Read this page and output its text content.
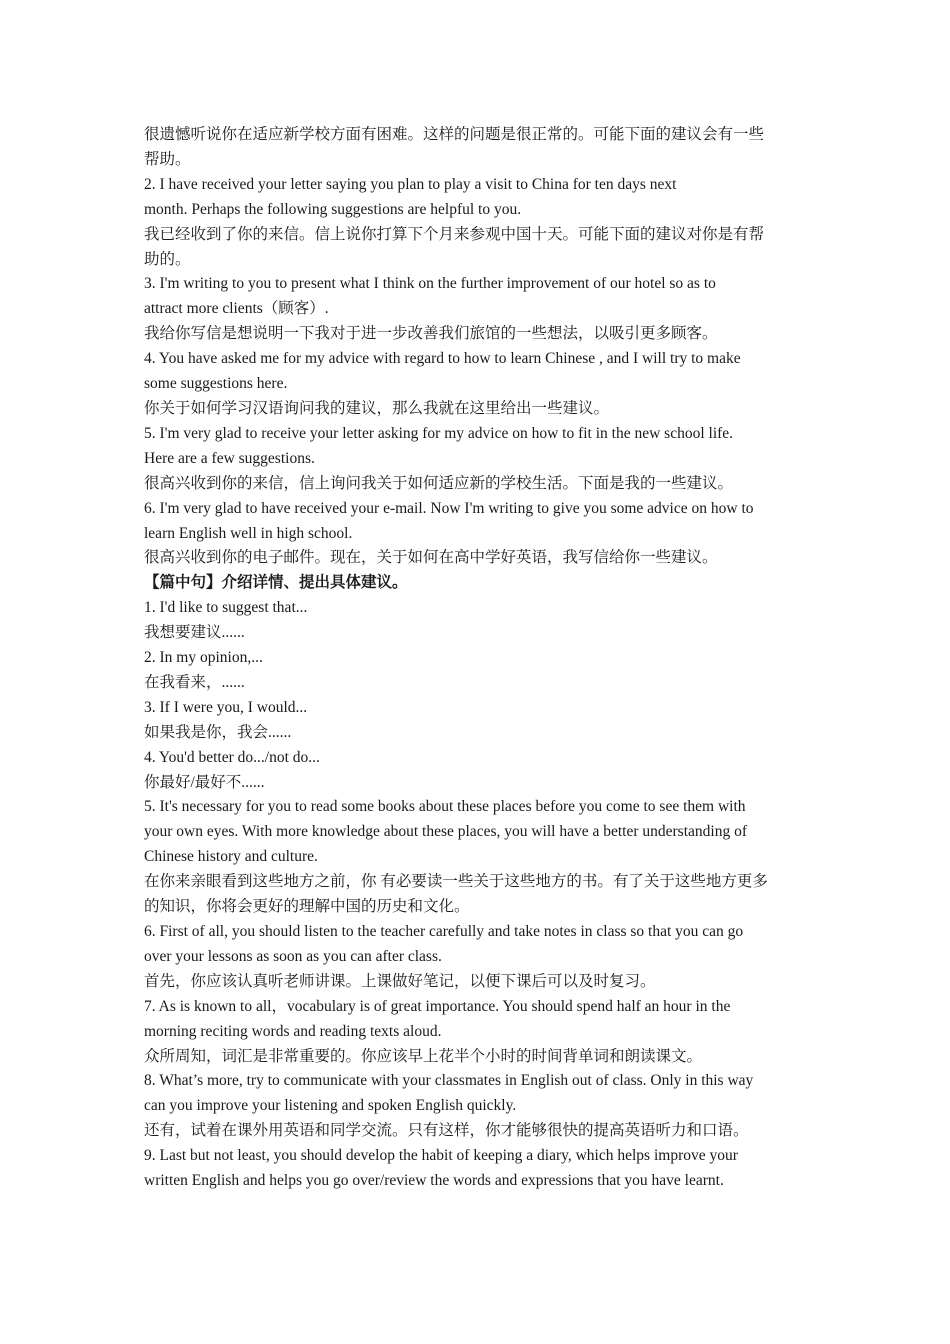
很遗憾听说你在适应新学校方面有困难。这样的问题是很正常的。可能下面的建议会有一些
帮助。
2. I have received your letter saying you plan to play a visit to China for ten days next
month. Perhaps the following suggestions are helpful to you.
我已经收到了你的来信。信上说你打算下个月来参观中国十天。可能下面的建议对你是有帮
助的。
3. I'm writing to you to present what I think on the further improvement of our hotel so as to
attract more clients（顾客）.
我给你写信是想说明一下我对于进一步改善我们旅馆的一些想法，以吸引更多顾客。
4. You have asked me for my advice with regard to how to learn Chinese , and I will try to make
some suggestions here.
你关于如何学习汉语询问我的建议，那么我就在这里给出一些建议。
5. I'm very glad to receive your letter asking for my advice on how to fit in the new school life.
Here are a few suggestions.
很高兴收到你的来信，信上询问我关于如何适应新的学校生活。下面是我的一些建议。
6. I'm very glad to have received your e-mail. Now I'm writing to give you some advice on how to
learn English well in high school.
很高兴收到你的电子邮件。现在，关于如何在高中学好英语，我写信给你一些建议。
【篇中句】介绍详情、提出具体建议。
1. I'd like to suggest that...
我想要建议......
2. In my opinion,...
在我看来，......
3. If I were you, I would...
如果我是你，我会......
4. You'd better do.../not do...
你最好/最好不......
5. It's necessary for you to read some books about these places before you come to see them with
your own eyes. With more knowledge about these places, you will have a better understanding of
Chinese history and culture.
在你来亲眼看到这些地方之前，你 有必要读一些关于这些地方的书。有了关于这些地方更多
的知识，你将会更好的理解中国的历史和文化。
6. First of all, you should listen to the teacher carefully and take notes in class so that you can go
over your lessons as soon as you can after class.
首先，你应该认真听老师讲课。上课做好笔记，以便下课后可以及时复习。
7. As is known to all，vocabulary is of great importance. You should spend half an hour in the
morning reciting words and reading texts aloud.
众所周知，词汇是非常重要的。你应该早上花半个小时的时间背单词和朗读课文。
8. What’s more, try to communicate with your classmates in English out of class. Only in this way
can you improve your listening and spoken English quickly.
还有，试着在课外用英语和同学交流。只有这样，你才能够很快的提高英语听力和口语。
9. Last but not least, you should develop the habit of keeping a diary, which helps improve your
written English and helps you go over/review the words and expressions that you have learnt.
